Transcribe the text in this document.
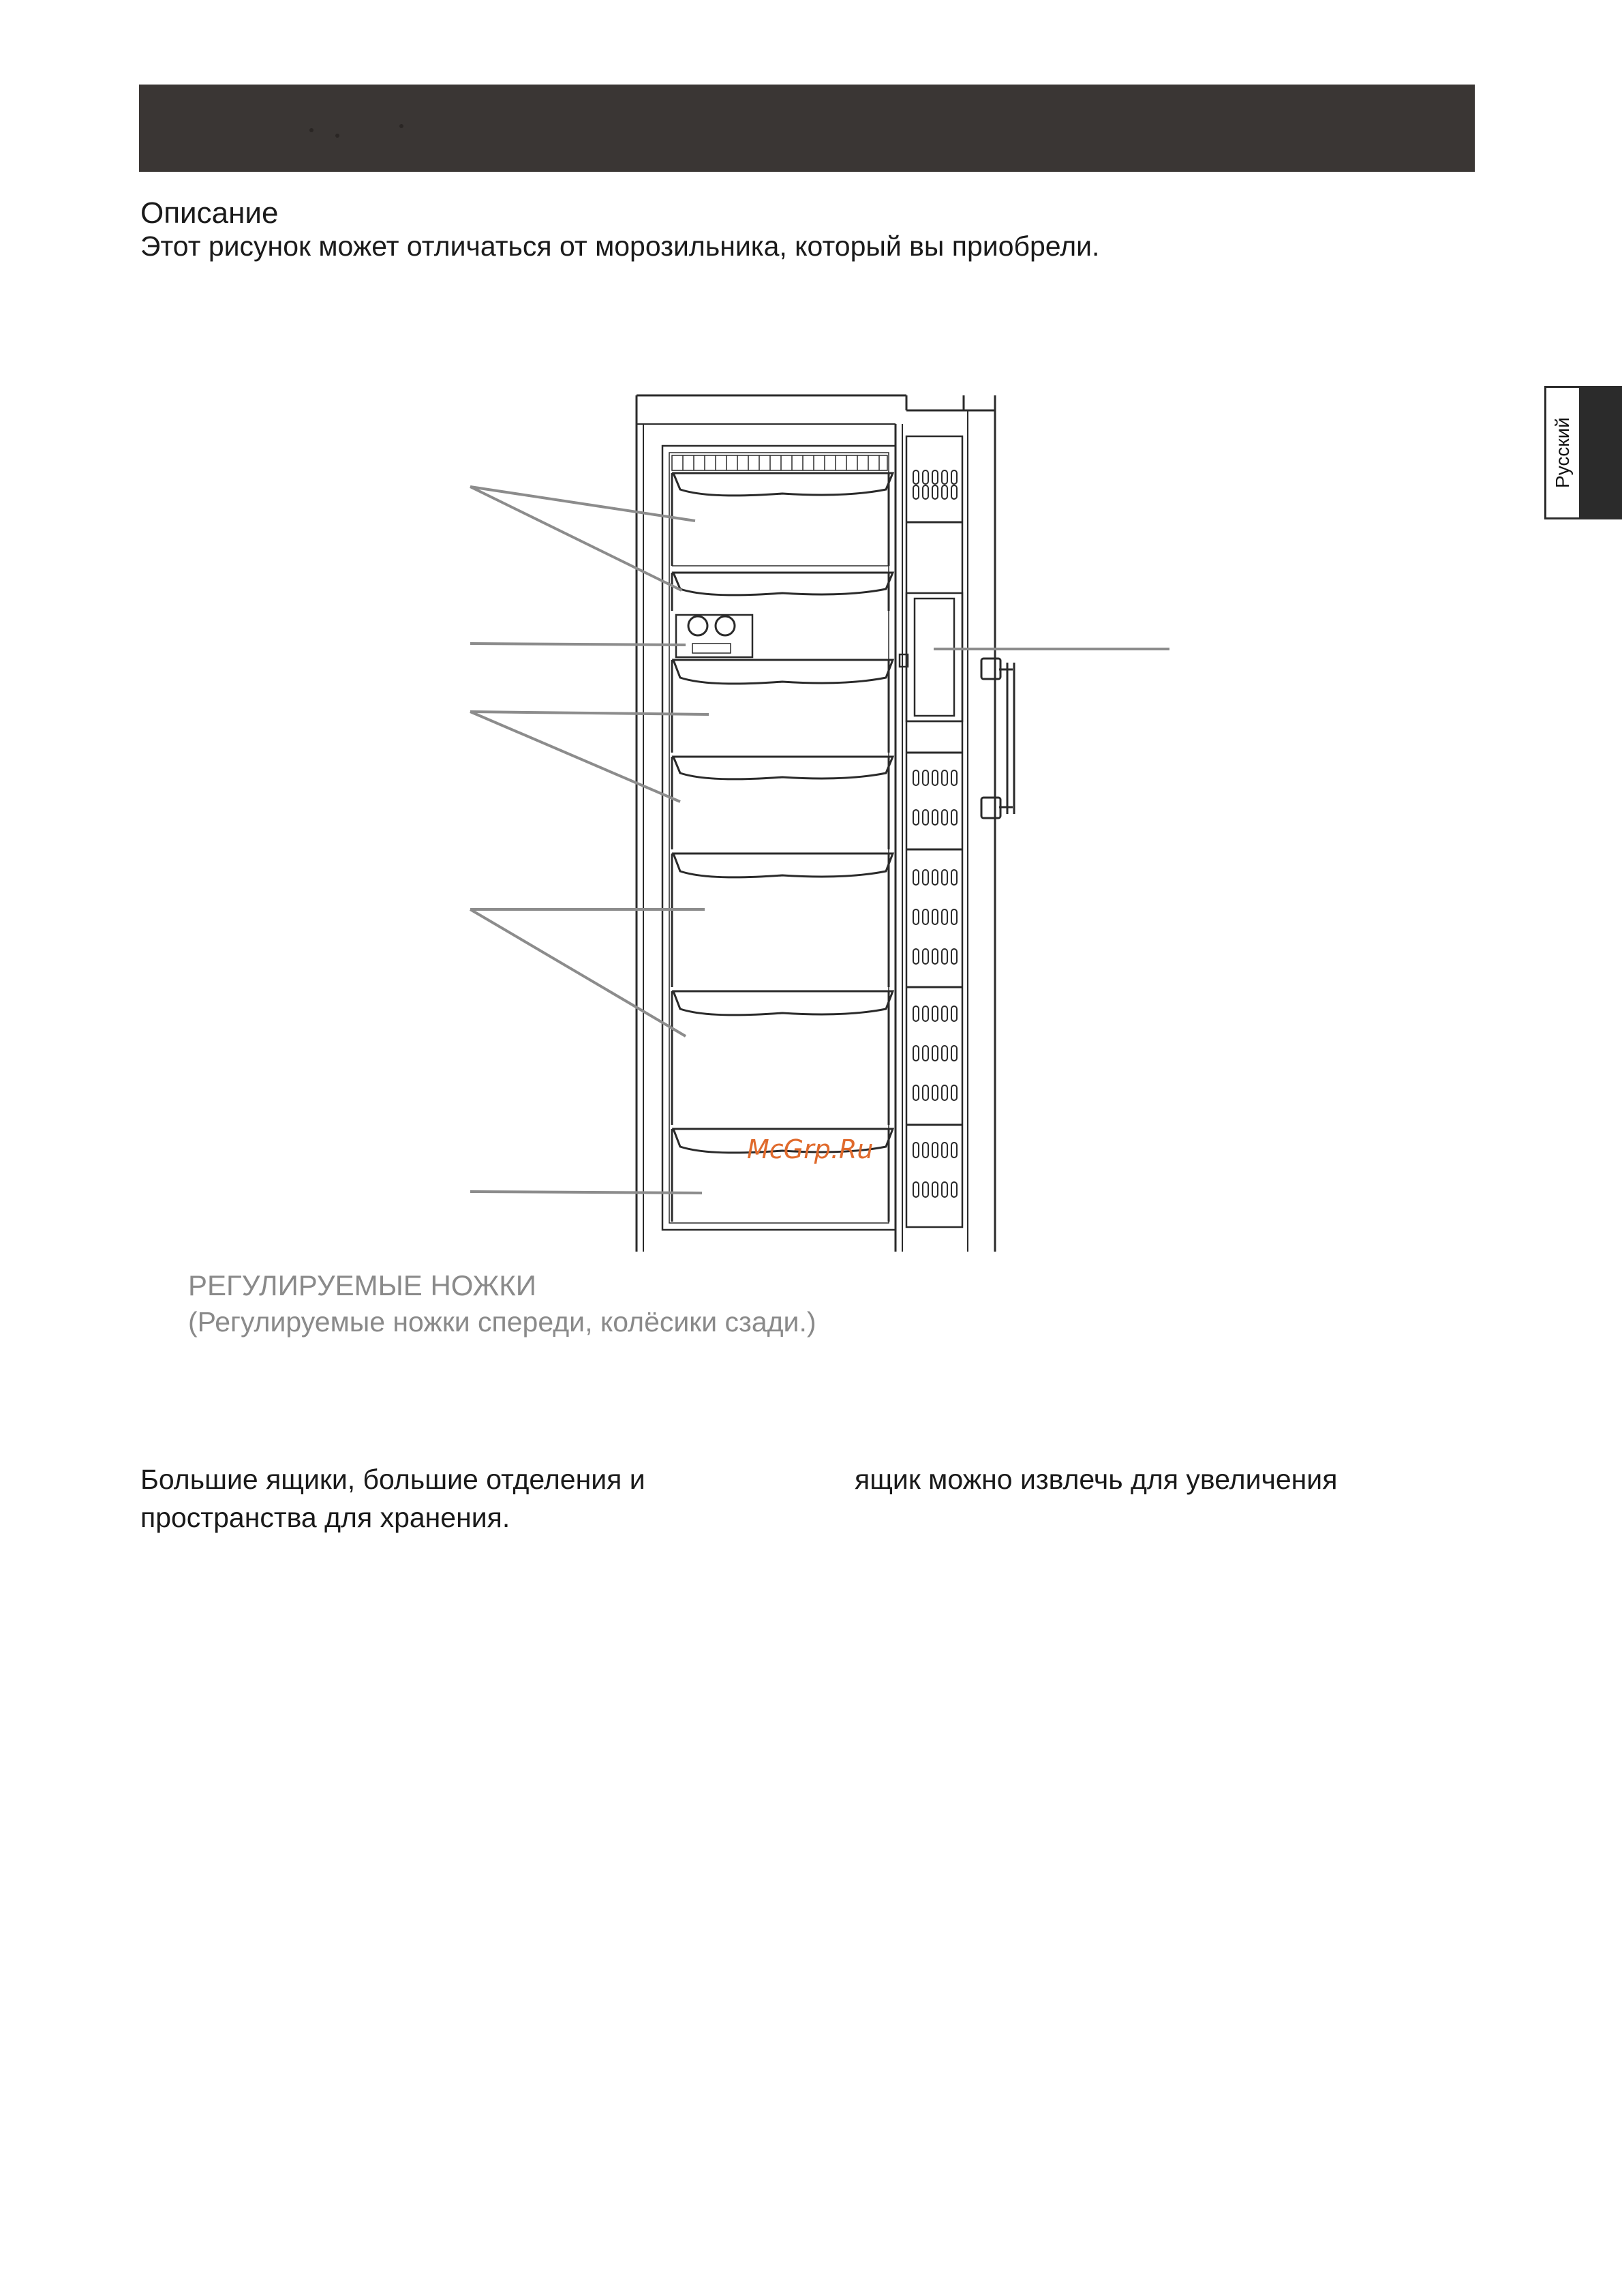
Русский
Описание
Этот рисунок может отличаться от морозильника, который вы приобрели.
McGrp.Ru
РЕГУЛИРУЕМЫЕ НОЖКИ
(Регулируемые ножки спереди, колёсики сзади.)
Большие ящики, большие отделения и
пространства для хранения.
ящик можно извлечь для увеличения
